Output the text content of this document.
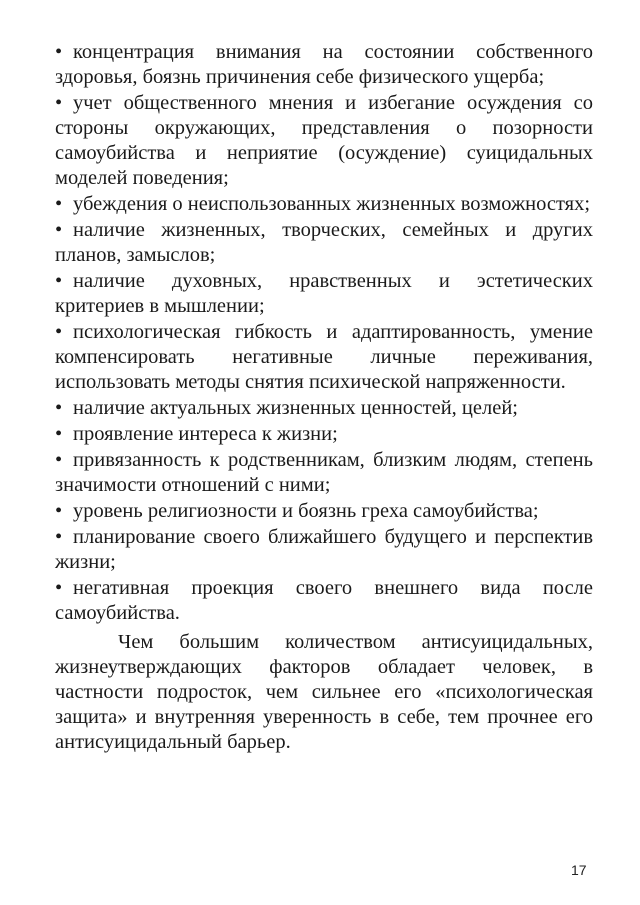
• концентрация внимания на состоянии собственного здоровья, боязнь причинения себе физического ущерба;

• учет общественного мнения и избегание осуждения со стороны окружающих, представления о позорности самоубийства и неприятие (осуждение) суицидальных моделей поведения;

• убеждения о неиспользованных жизненных возможностях;

• наличие жизненных, творческих, семейных и других планов, замыслов;

• наличие духовных, нравственных и эстетических критериев в мышлении;

• психологическая гибкость и адаптированность, умение компенсировать негативные личные переживания, использовать методы снятия психической напряженности.

• наличие актуальных жизненных ценностей, целей;

• проявление интереса к жизни;

• привязанность к родственникам, близким людям, степень значимости отношений с ними;

• уровень религиозности и боязнь греха самоубийства;

• планирование своего ближайшего будущего и перспектив жизни;

• негативная проекция своего внешнего вида после самоубийства.

Чем большим количеством антисуицидальных, жизнеутверждающих факторов обладает человек, в частности подросток, чем сильнее его «психологическая защита» и внутренняя уверенность в себе, тем прочнее его антисуицидальный барьер.

17
